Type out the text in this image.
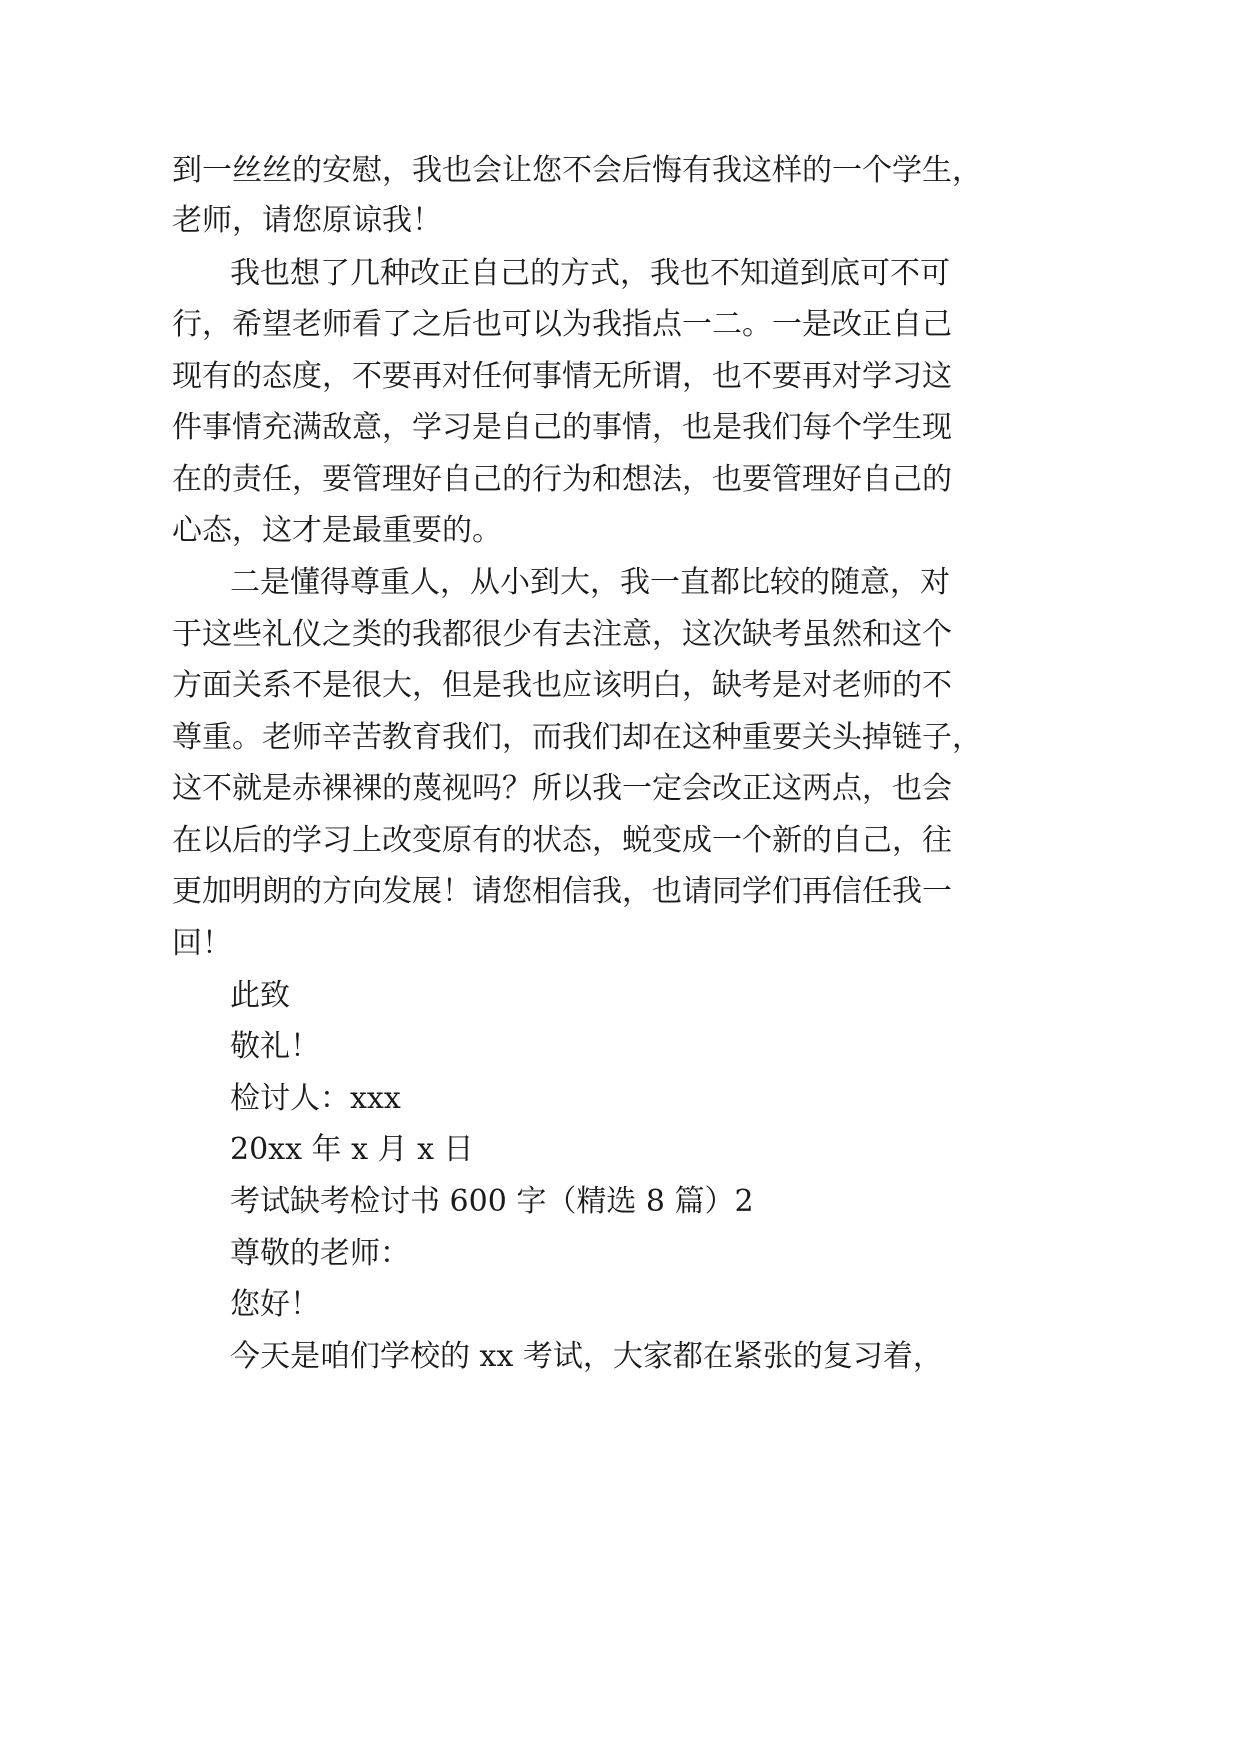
到一丝丝的安慰，我也会让您不会后悔有我这样的一个学生，

老师，请您原谅我！

我也想了几种改正自己的方式，我也不知道到底可不可

行，希望老师看了之后也可以为我指点一二。一是改正自己

现有的态度，不要再对任何事情无所谓，也不要再对学习这

件事情充满敌意，学习是自己的事情，也是我们每个学生现

在的责任，要管理好自己的行为和想法，也要管理好自己的

心态，这才是最重要的。

二是懂得尊重人，从小到大，我一直都比较的随意，对

于这些礼仪之类的我都很少有去注意，这次缺考虽然和这个

方面关系不是很大，但是我也应该明白，缺考是对老师的不

尊重。老师辛苦教育我们，而我们却在这种重要关头掉链子，

这不就是赤裸裸的蔑视吗？所以我一定会改正这两点，也会

在以后的学习上改变原有的状态，蜕变成一个新的自己，往

更加明朗的方向发展！请您相信我，也请同学们再信任我一

回！

此致

敬礼！

检讨人：xxx

20xx 年 x 月 x 日

考试缺考检讨书 600 字（精选 8 篇）2

尊敬的老师：

您好！

今天是咱们学校的 xx 考试，大家都在紧张的复习着，
